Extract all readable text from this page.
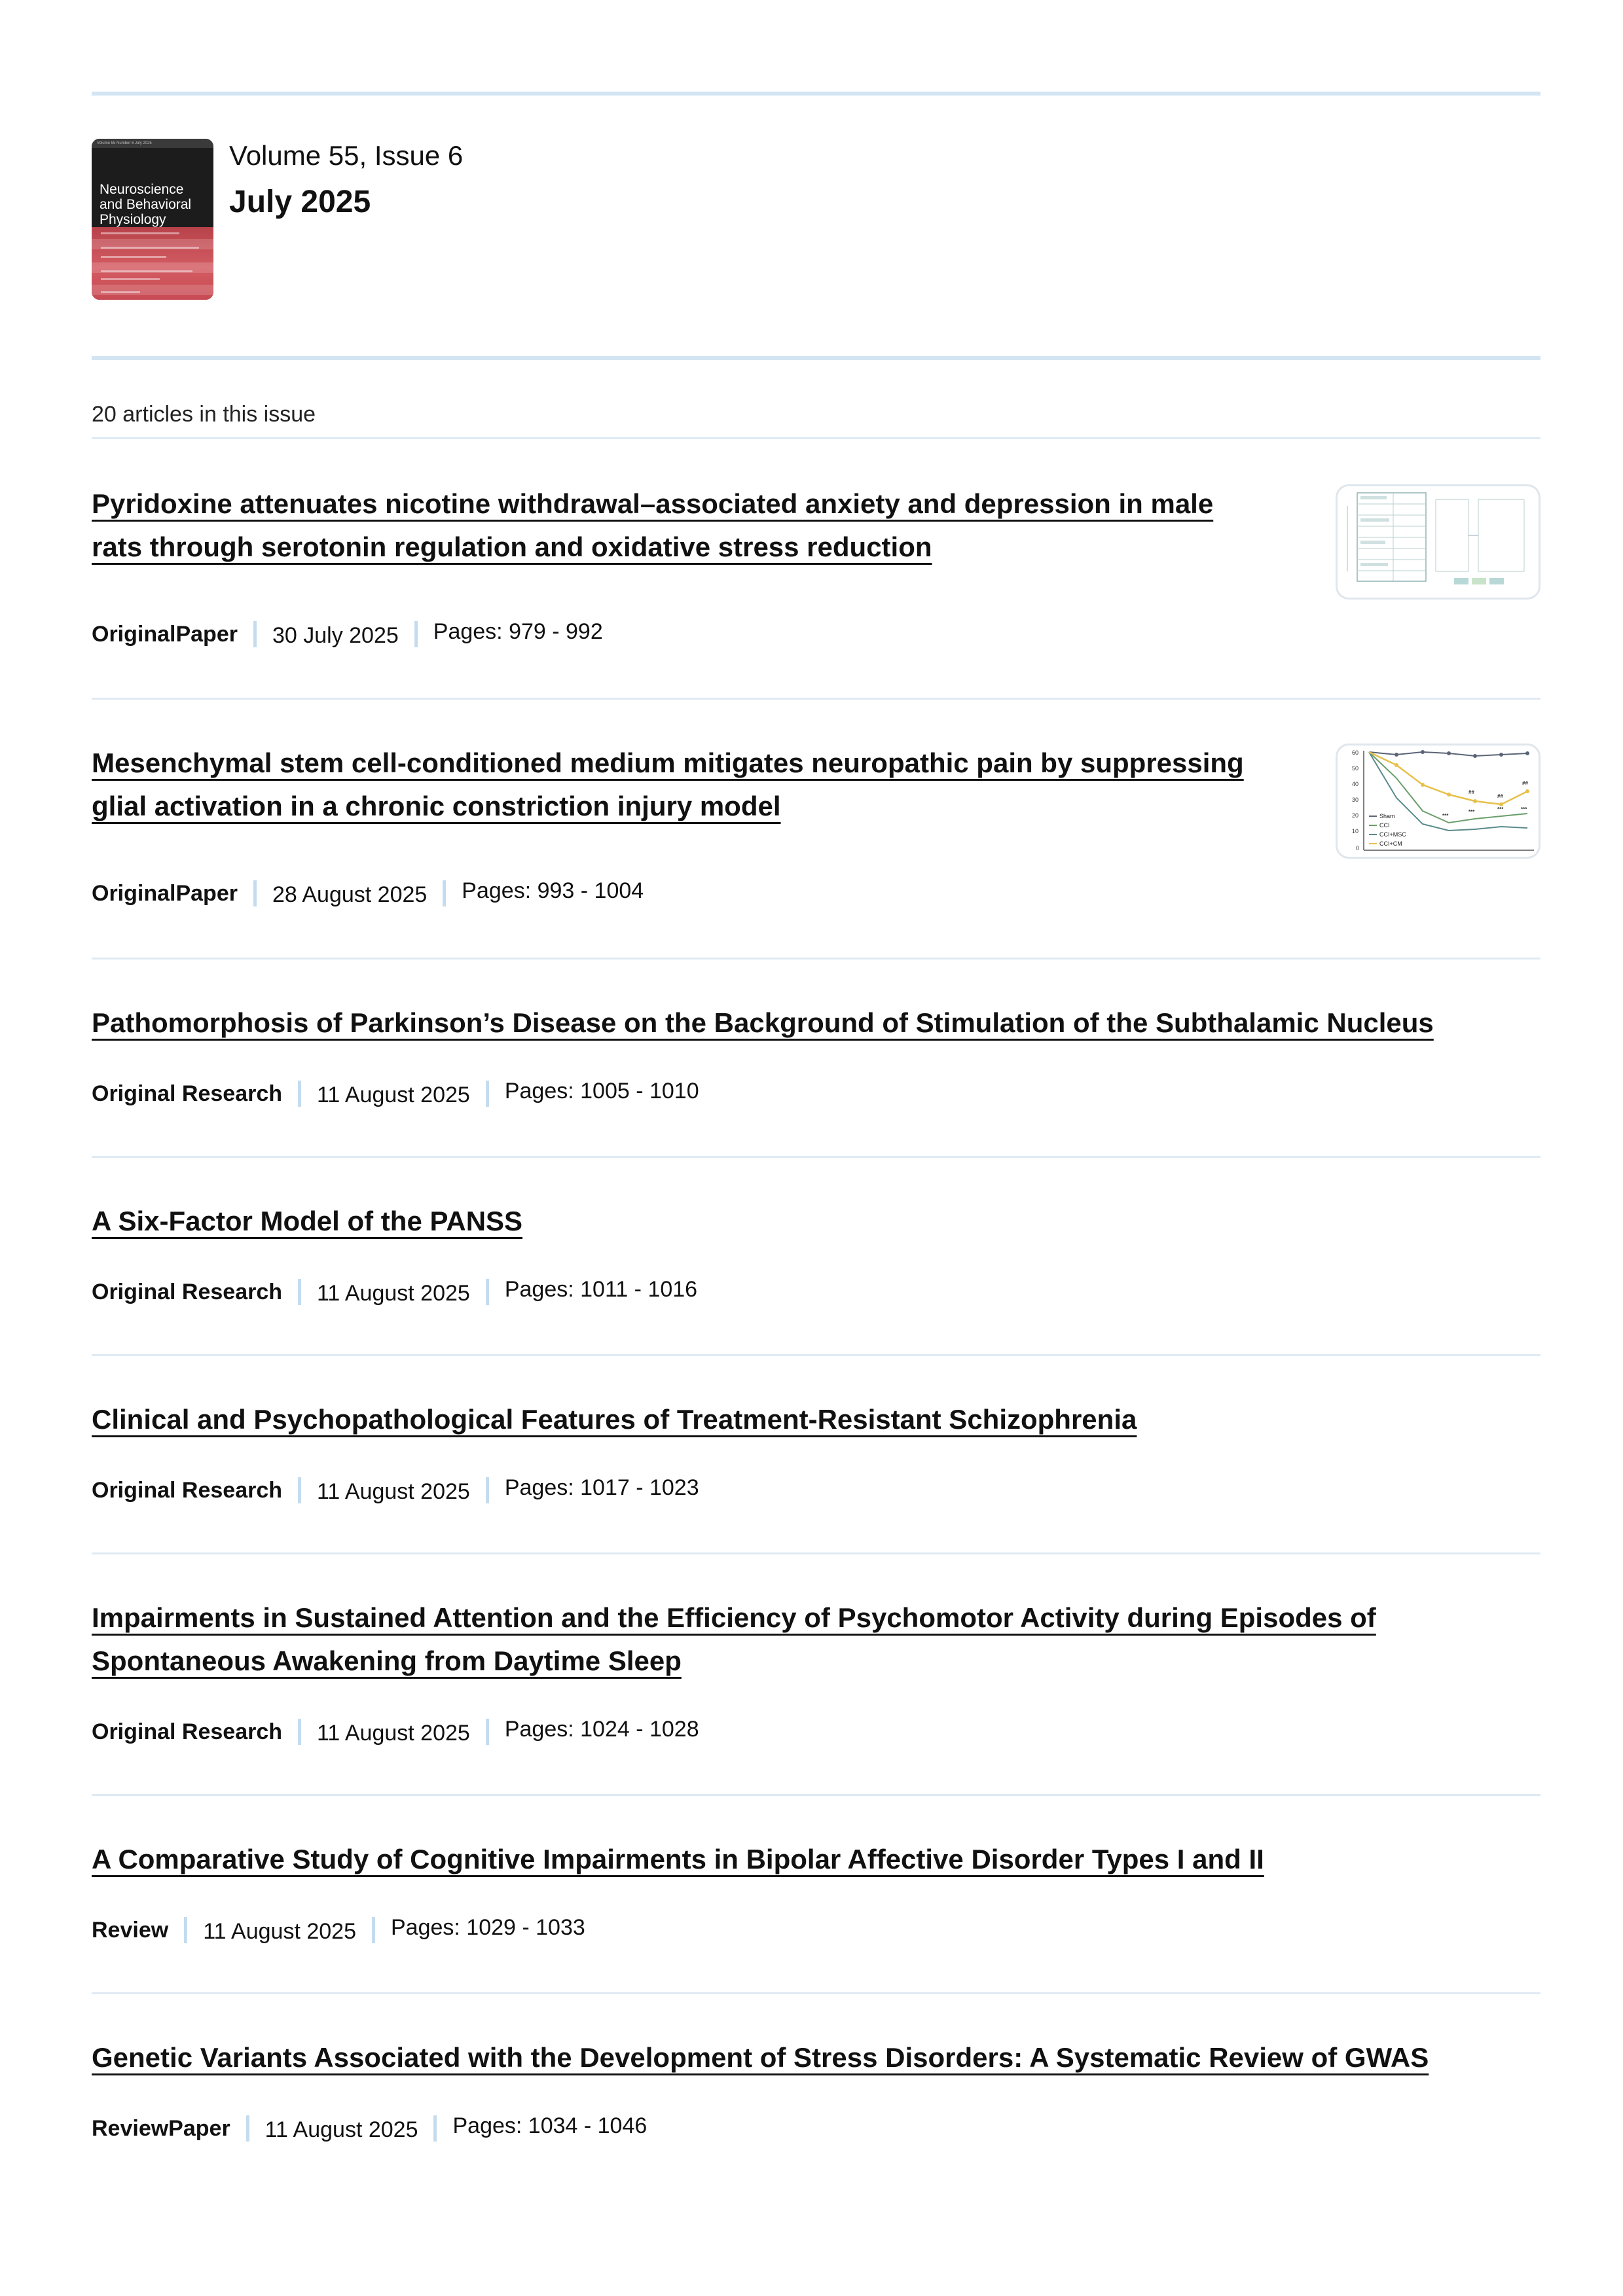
Volume 55 Number 6 July 2025
Neuroscience and Behavioral Physiology
Volume 55, Issue 6
July 2025
20 articles in this issue
Pyridoxine attenuates nicotine withdrawal–associated anxiety and depression in male rats through serotonin regulation and oxidative stress reduction
OriginalPaper 30 July 2025 Pages: 979 - 992
Mesenchymal stem cell-conditioned medium mitigates neuropathic pain by suppressing glial activation in a chronic constriction injury model
60
50
40
30
20
10
0
##
##
##
***
***	***	***
Sham
CCI
CCI+MSC
CCI+CM
OriginalPaper 28 August 2025 Pages: 993 - 1004
Pathomorphosis of Parkinson’s Disease on the Background of Stimulation of the Subthalamic Nucleus
Original Research 11 August 2025 Pages: 1005 - 1010
A Six-Factor Model of the PANSS
Original Research 11 August 2025 Pages: 1011 - 1016
Clinical and Psychopathological Features of Treatment-Resistant Schizophrenia
Original Research 11 August 2025 Pages: 1017 - 1023
Impairments in Sustained Attention and the Efficiency of Psychomotor Activity during Episodes of Spontaneous Awakening from Daytime Sleep
Original Research 11 August 2025 Pages: 1024 - 1028
A Comparative Study of Cognitive Impairments in Bipolar Affective Disorder Types I and II
Review 11 August 2025 Pages: 1029 - 1033
Genetic Variants Associated with the Development of Stress Disorders: A Systematic Review of GWAS
ReviewPaper 11 August 2025 Pages: 1034 - 1046
